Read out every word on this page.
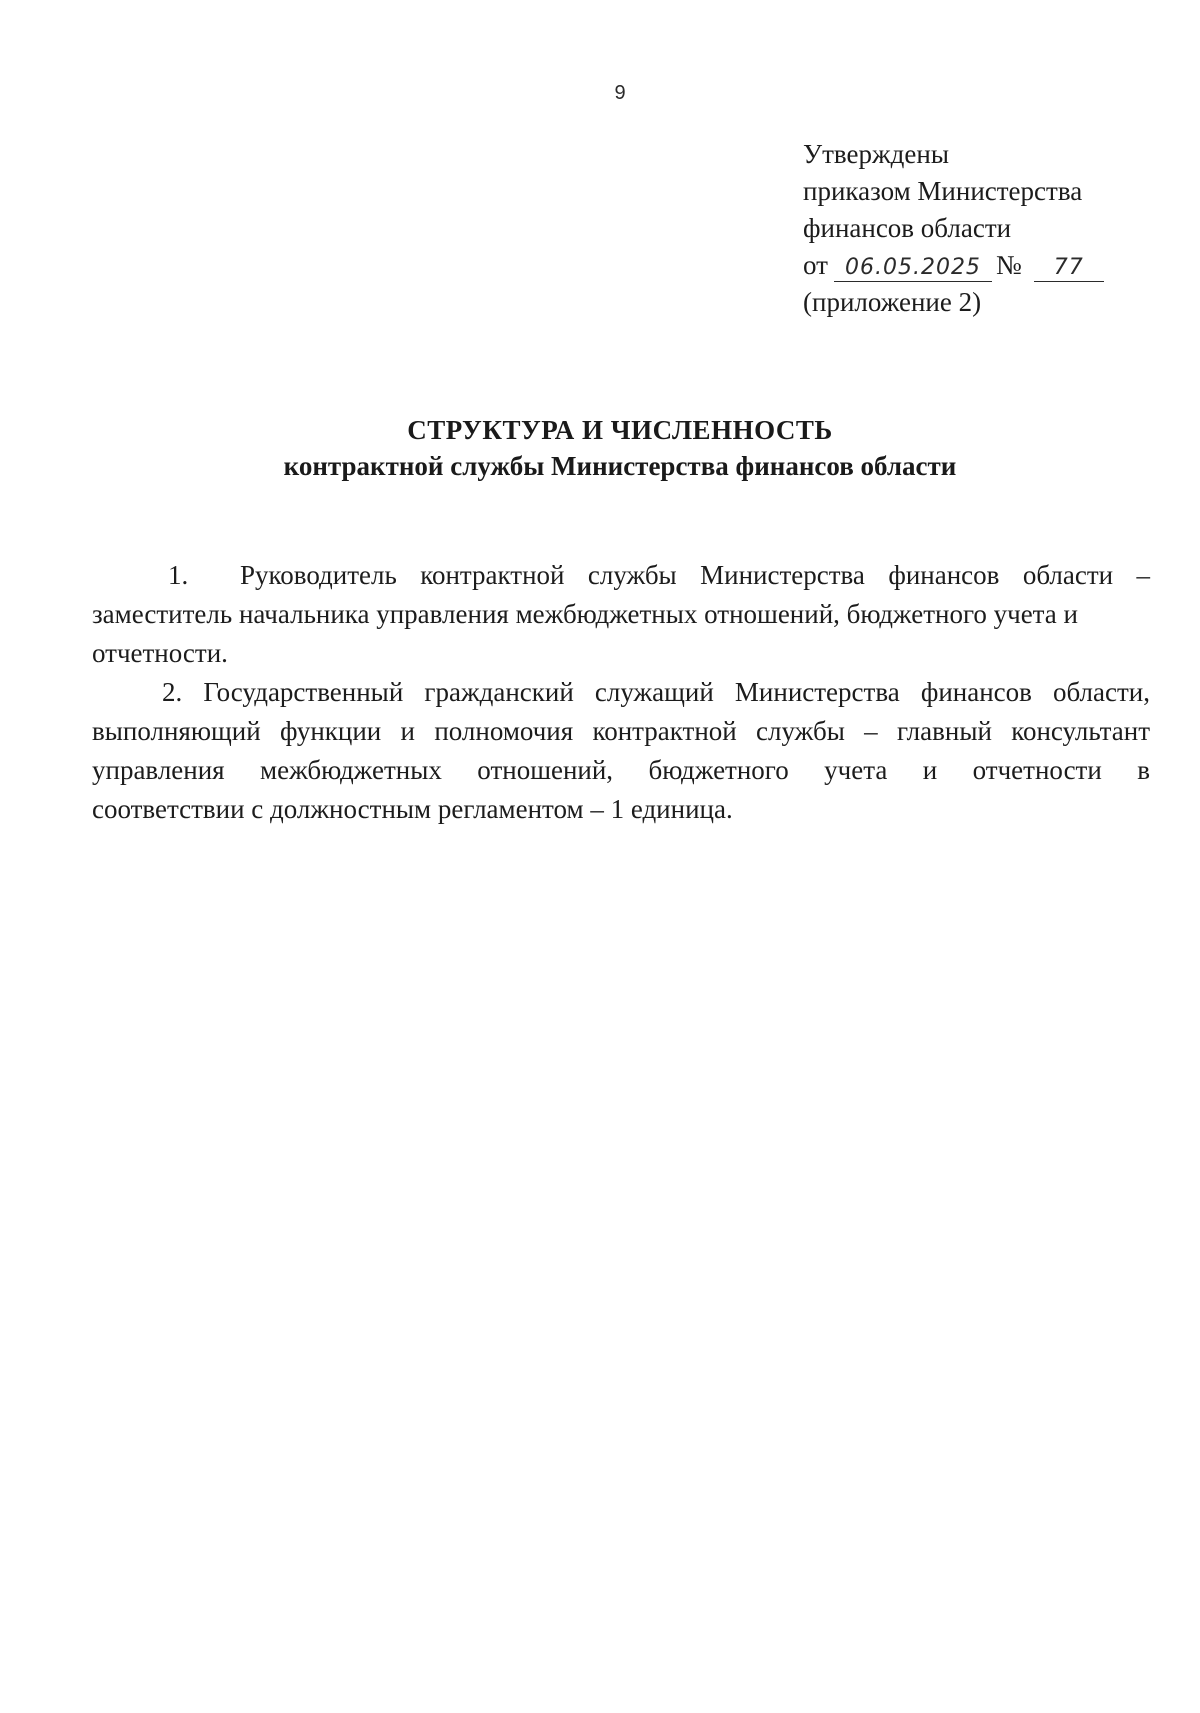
9
Утверждены
приказом Министерства
финансов области
от 06.05.2025 № 77
(приложение 2)
СТРУКТУРА И ЧИСЛЕННОСТЬ
контрактной службы Министерства финансов области
1. Руководитель контрактной службы Министерства финансов области –
заместитель начальника управления межбюджетных отношений, бюджетного учета и
отчетности.
2. Государственный гражданский служащий Министерства финансов области,
выполняющий функции и полномочия контрактной службы – главный консультант
управления межбюджетных отношений, бюджетного учета и отчетности в
соответствии с должностным регламентом – 1 единица.
